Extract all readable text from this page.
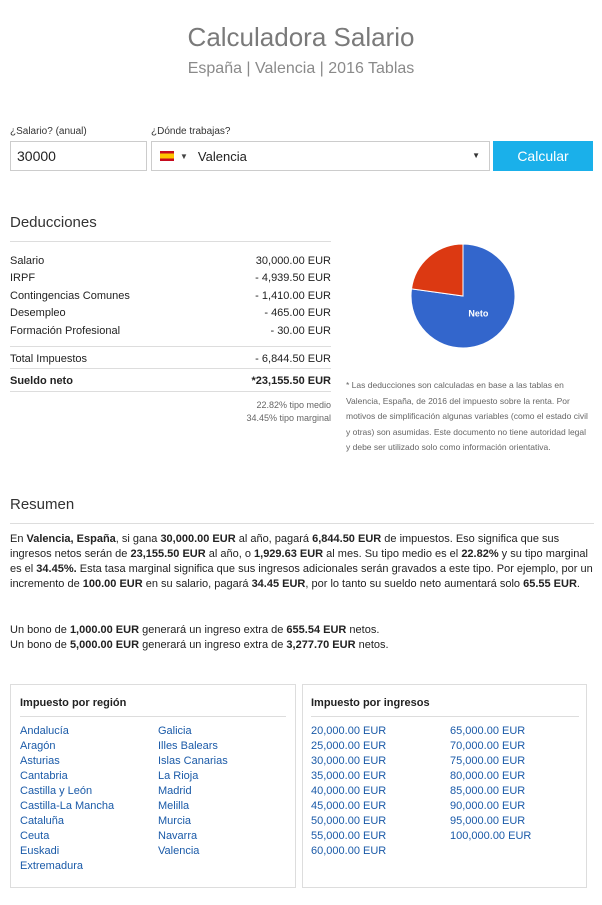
Calculadora Salario
España | Valencia | 2016 Tablas
¿Salario? (anual)	¿Dónde trabajas?
30000
▼ Valencia	▼	Calcular
Deducciones
Salario	30,000.00 EUR
IRPF	- 4,939.50 EUR
Contingencias Comunes	- 1,410.00 EUR
Desempleo	- 465.00 EUR
Formación Profesional	- 30.00 EUR
Total Impuestos	- 6,844.50 EUR
Sueldo neto	*23,155.50 EUR
22.82% tipo medio
34.45% tipo marginal
Neto
* Las deducciones son calculadas en base a las tablas en Valencia, España, de 2016 del impuesto sobre la renta. Por motivos de simplificación algunas variables (como el estado civil y otras) son asumidas. Este documento no tiene autoridad legal y debe ser utilizado solo como información orientativa.
Resumen
En Valencia, España, si gana 30,000.00 EUR al año, pagará 6,844.50 EUR de impuestos. Eso significa que sus ingresos netos serán de 23,155.50 EUR al año, o 1,929.63 EUR al mes. Su tipo medio es el 22.82% y su tipo marginal es el 34.45%. Esta tasa marginal significa que sus ingresos adicionales serán gravados a este tipo. Por ejemplo, por un incremento de 100.00 EUR en su salario, pagará 34.45 EUR, por lo tanto su sueldo neto aumentará solo 65.55 EUR.
Un bono de 1,000.00 EUR generará un ingreso extra de 655.54 EUR netos.
Un bono de 5,000.00 EUR generará un ingreso extra de 3,277.70 EUR netos.
Impuesto por región
Andalucía
Aragón
Asturias
Cantabria
Castilla y León
Castilla-La Mancha
Cataluña
Ceuta
Euskadi
Extremadura
Galicia
Illes Balears
Islas Canarias
La Rioja
Madrid
Melilla
Murcia
Navarra
Valencia
Impuesto por ingresos
20,000.00 EUR
25,000.00 EUR
30,000.00 EUR
35,000.00 EUR
40,000.00 EUR
45,000.00 EUR
50,000.00 EUR
55,000.00 EUR
60,000.00 EUR
65,000.00 EUR
70,000.00 EUR
75,000.00 EUR
80,000.00 EUR
85,000.00 EUR
90,000.00 EUR
95,000.00 EUR
100,000.00 EUR
